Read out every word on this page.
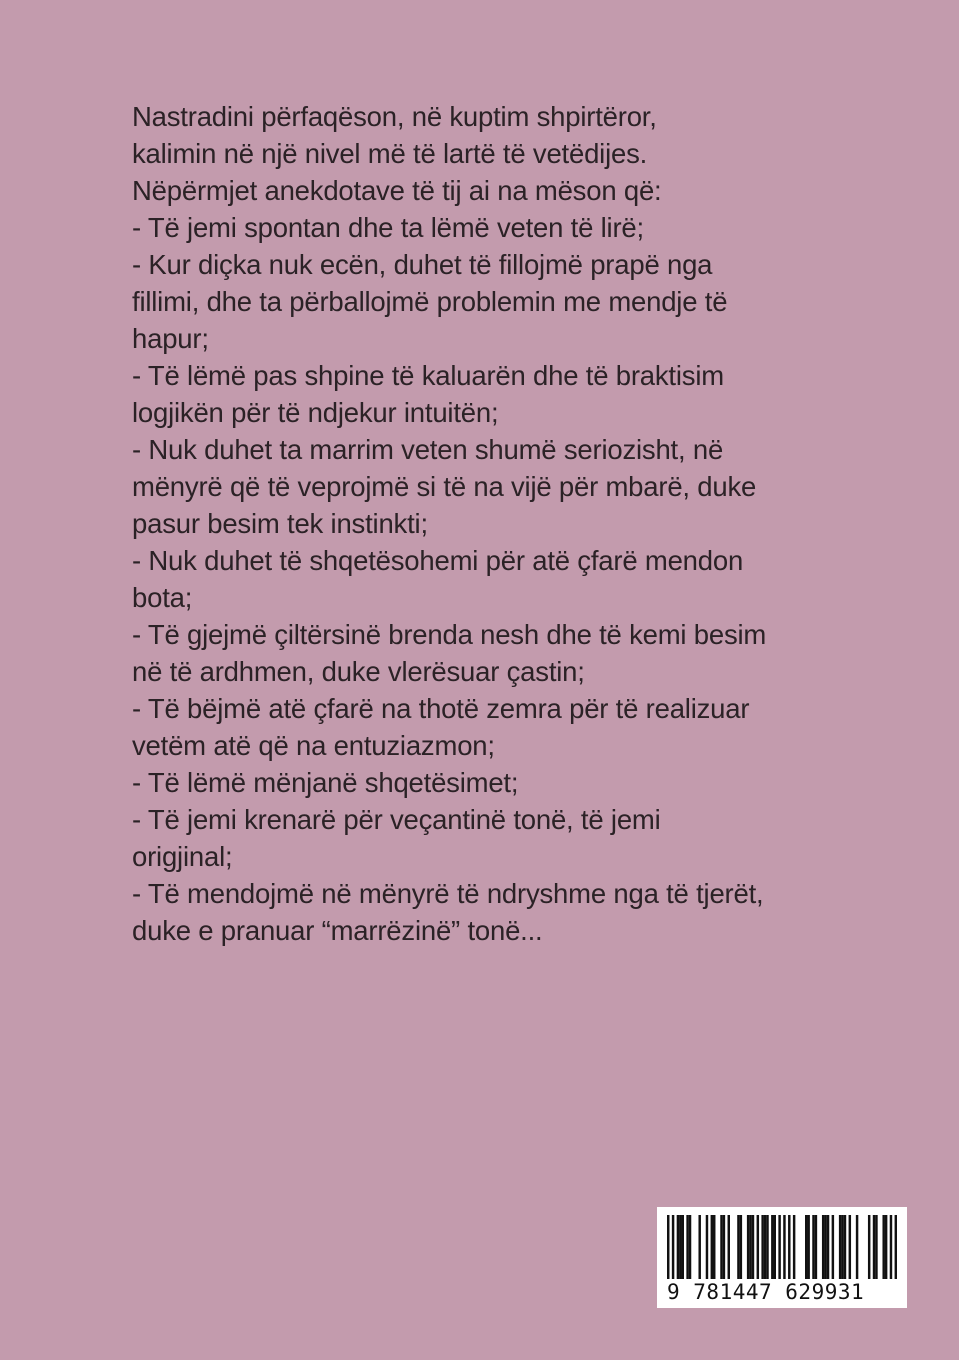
Nastradini përfaqëson, në kuptim shpirtëror,

kalimin në një nivel më të lartë të vetëdijes.

Nëpërmjet anekdotave të tij ai na mëson që:

- Të jemi spontan dhe ta lëmë veten të lirë;

- Kur diçka nuk ecën, duhet të fillojmë prapë nga

fillimi, dhe ta përballojmë problemin me mendje të

hapur;

- Të lëmë pas shpine të kaluarën dhe të braktisim

logjikën për të ndjekur intuitën;

- Nuk duhet ta marrim veten shumë seriozisht, në

mënyrë që të veprojmë si të na vijë për mbarë, duke

pasur besim tek instinkti;

- Nuk duhet të shqetësohemi për atë çfarë mendon

bota;

- Të gjejmë çiltërsinë brenda nesh dhe të kemi besim

në të ardhmen, duke vlerësuar çastin;

- Të bëjmë atë çfarë na thotë zemra për të realizuar

vetëm atë që na entuziazmon;

- Të lëmë mënjanë shqetësimet;

- Të jemi krenarë për veçantinë tonë, të jemi

origjinal;

- Të mendojmë në mënyrë të ndryshme nga të tjerët,

duke e pranuar “marrëzinë” tonë...

9 781447 629931
